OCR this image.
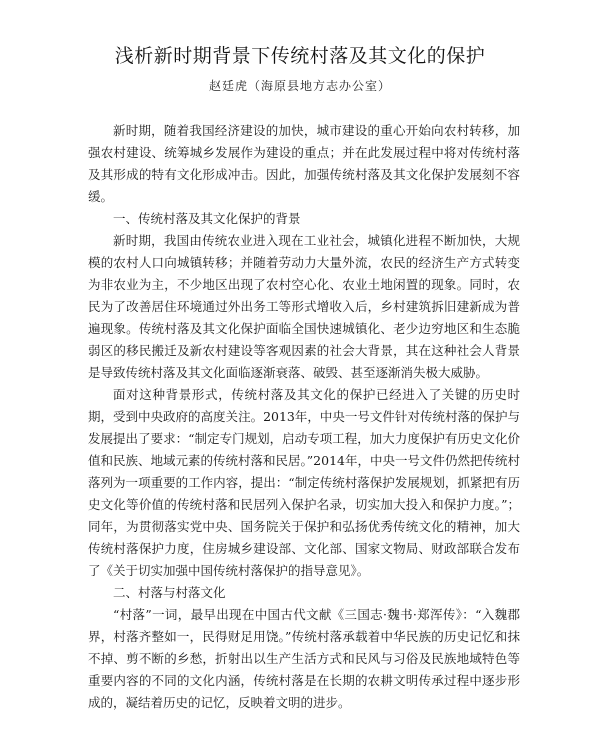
浅析新时期背景下传统村落及其文化的保护
赵廷虎（海原县地方志办公室）

新时期，随着我国经济建设的加快，城市建设的重心开始向农村转移，加强农村建设、统筹城乡发展作为建设的重点；并在此发展过程中将对传统村落及其形成的特有文化形成冲击。因此，加强传统村落及其文化保护发展刻不容缓。

一、传统村落及其文化保护的背景

新时期，我国由传统农业进入现在工业社会，城镇化进程不断加快，大规模的农村人口向城镇转移；并随着劳动力大量外流，农民的经济生产方式转变为非农业为主，不少地区出现了农村空心化、农业土地闲置的现象。同时，农民为了改善居住环境通过外出务工等形式增收入后，乡村建筑拆旧建新成为普遍现象。传统村落及其文化保护面临全国快速城镇化、老少边穷地区和生态脆弱区的移民搬迁及新农村建设等客观因素的社会大背景，其在这种社会人背景是导致传统村落及其文化面临逐渐衰落、破毁、甚至逐渐消失极大威胁。

面对这种背景形式，传统村落及其文化的保护已经进入了关键的历史时期，受到中央政府的高度关注。2013年，中央一号文件针对传统村落的保护与发展提出了要求：“制定专门规划，启动专项工程，加大力度保护有历史文化价值和民族、地域元素的传统村落和民居。”2014年，中央一号文件仍然把传统村落列为一项重要的工作内容，提出：“制定传统村落保护发展规划，抓紧把有历史文化等价值的传统村落和民居列入保护名录，切实加大投入和保护力度。”；同年，为贯彻落实党中央、国务院关于保护和弘扬优秀传统文化的精神，加大传统村落保护力度，住房城乡建设部、文化部、国家文物局、财政部联合发布了《关于切实加强中国传统村落保护的指导意见》。

二、村落与村落文化

“村落”一词，最早出现在中国古代文献《三国志·魏书·郑浑传》：“入魏郡界，村落齐整如一，民得财足用饶。”传统村落承载着中华民族的历史记忆和抹不掉、剪不断的乡愁，折射出以生产生活方式和民风与习俗及民族地域特色等重要内容的不同的文化内涵，传统村落是在长期的农耕文明传承过程中逐步形成的，凝结着历史的记忆，反映着文明的进步。
